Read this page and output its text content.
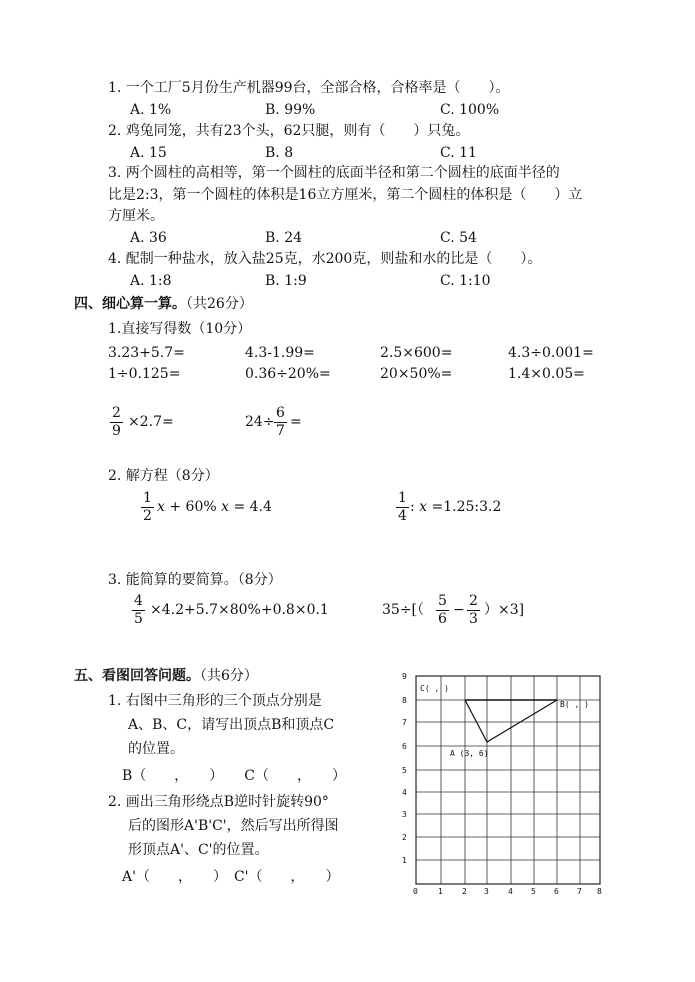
1. 一个工厂5月份生产机器99台，全部合格，合格率是（　　）。
A. 1%	B. 99%	C. 100%
2. 鸡兔同笼，共有23个头，62只腿，则有（　　）只兔。
A. 15	B. 8	C. 11
3. 两个圆柱的高相等，第一个圆柱的底面半径和第二个圆柱的底面半径的
比是2:3，第一个圆柱的体积是16立方厘米，第二个圆柱的体积是（　　）立
方厘米。
A. 36	B. 24	C. 54
4. 配制一种盐水，放入盐25克，水200克，则盐和水的比是（　　）。
A. 1:8	B. 1:9	C. 1:10
四、细心算一算。（共26分）
1.直接写得数（10分）
3.23+5.7=	4.3-1.99=	2.5×600=	4.3÷0.001=
1÷0.125=	0.36÷20%=	20×50%=	1.4×0.05=
$\frac{2}{9} \times 2.7=$	$24\div \frac{6}{7}$ =
2. 解方程（8分）
$\frac{1}{2}$ x + 60% x = 4.4	$\frac{1}{4}$ : x =1.25:3.2
3. 能简算的要简算。（8分）
$\frac{4}{5} \times 4.2+5.7\times 80\%+0.8\times 0.1$	$35\div[( \frac{5}{6} - \frac{2}{3} )\times 3]$
五、看图回答问题。（共6分）
1. 右图中三角形的三个顶点分别是
A、B、C，请写出顶点B和顶点C
的位置。
B（　　，　　）　　C（　　，　　）
2. 画出三角形绕点B逆时针旋转90°
后的图形A'B'C'，然后写出所得图
形顶点A'、C'的位置。
A'（　　，　　）　C'（　　，　　）
0	1 2 3 4 5 6 7 8
1
2
3
4
5
6
7
8
9
C( , )
B( , )
A (3, 6)
